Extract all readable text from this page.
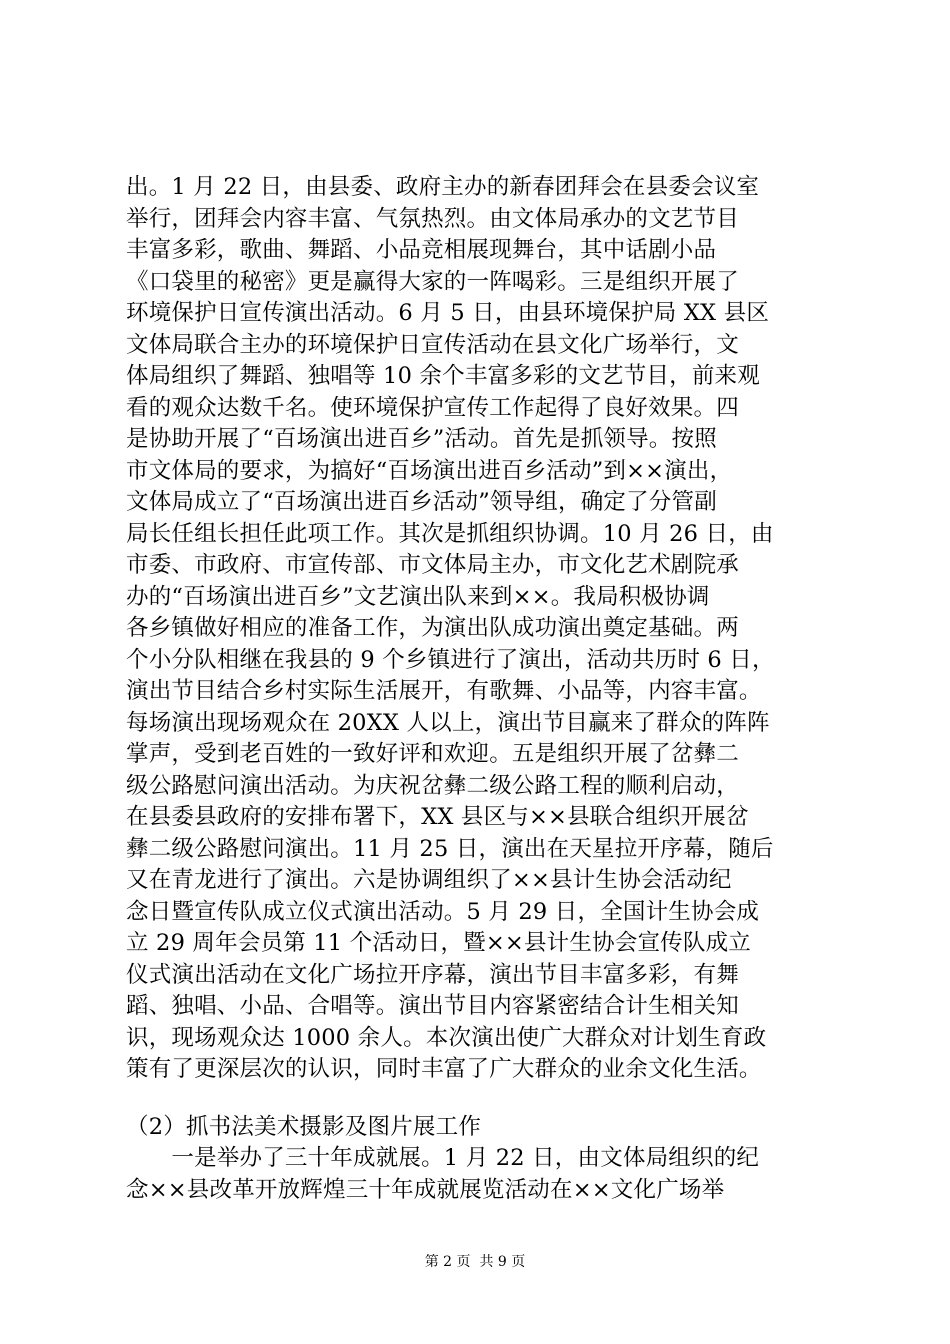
出。1 月 22 日，由县委、政府主办的新春团拜会在县委会议室
举行，团拜会内容丰富、气氛热烈。由文体局承办的文艺节目
丰富多彩，歌曲、舞蹈、小品竞相展现舞台，其中话剧小品
《口袋里的秘密》更是赢得大家的一阵喝彩。三是组织开展了
环境保护日宣传演出活动。6 月 5 日，由县环境保护局 XX 县区
文体局联合主办的环境保护日宣传活动在县文化广场举行，文
体局组织了舞蹈、独唱等 10 余个丰富多彩的文艺节目，前来观
看的观众达数千名。使环境保护宣传工作起得了良好效果。四
是协助开展了“百场演出进百乡”活动。首先是抓领导。按照
市文体局的要求，为搞好“百场演出进百乡活动”到××演出，
文体局成立了“百场演出进百乡活动”领导组，确定了分管副
局长任组长担任此项工作。其次是抓组织协调。10 月 26 日，由
市委、市政府、市宣传部、市文体局主办，市文化艺术剧院承
办的“百场演出进百乡”文艺演出队来到××。我局积极协调
各乡镇做好相应的准备工作，为演出队成功演出奠定基础。两
个小分队相继在我县的 9 个乡镇进行了演出，活动共历时 6 日，
演出节目结合乡村实际生活展开，有歌舞、小品等，内容丰富。
每场演出现场观众在 20XX 人以上，演出节目赢来了群众的阵阵
掌声，受到老百姓的一致好评和欢迎。五是组织开展了岔彝二
级公路慰问演出活动。为庆祝岔彝二级公路工程的顺利启动，
在县委县政府的安排布署下，XX 县区与××县联合组织开展岔
彝二级公路慰问演出。11 月 25 日，演出在天星拉开序幕，随后
又在青龙进行了演出。六是协调组织了××县计生协会活动纪
念日暨宣传队成立仪式演出活动。5 月 29 日，全国计生协会成
立 29 周年会员第 11 个活动日，暨××县计生协会宣传队成立
仪式演出活动在文化广场拉开序幕，演出节目丰富多彩，有舞
蹈、独唱、小品、合唱等。演出节目内容紧密结合计生相关知
识，现场观众达 1000 余人。本次演出使广大群众对计划生育政
策有了更深层次的认识，同时丰富了广大群众的业余文化生活。
（2）抓书法美术摄影及图片展工作
　　一是举办了三十年成就展。1 月 22 日，由文体局组织的纪
念××县改革开放辉煌三十年成就展览活动在××文化广场举
第 2 页  共 9 页
